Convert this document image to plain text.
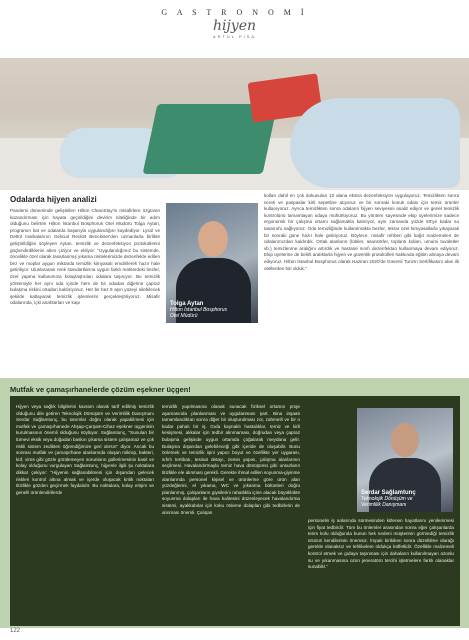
G A S T R O N O M İ
hijyen
ARTUL PİSA
Odalarda hijyen analizi

Pandemi döneminde geliştirilen Hilton CleanStay'in misafirlere özgüven kazandırması için hayata geçirildiğini devirim niteliğinde bir adım olduğunu belirten Hilton İstanbul Bosphorus Otel Müdürü Tolga Aytan, programın kat ve odalarda başarıyla uygulandığını kaydediyor. Lysol ve Dettol markalarının Gelicial Reckitt Benckiser'den uzmanlarla birlikte geliştirildiğini söyleyen Aytan, temizlik ve dezenfeksiyon protokollerini güçlendirdiklerini altını çiziyor ve ekliyor: "Uygulandığımız bu sistemde, öncelikle özel olarak tasarlanmış yıkama ünitelerimizde dezenfekte edilen bez ve moplar aygun miktarda temizlik kimyasalı emdirilerek hazır hale getiriliyor. Uluslararası renk standartlarına uygun farklı renklerdeki bezler, özel yapma kullanımıza kolaylaştırılan odalara taşınıyor. Bu temizlik yöntemiyle her aynı oda içinde hem de bir odadan diğerine çapraz bulaşma riskini ortadan kaldırıyoruz. Her bir bez 8 aşın yüzeyi silebilecek şekilde katlayarak temizlik işlemlerini gerçekleştiriyoruz. Misafir odalarında, içki anahtarları ve kapı	Tolga Aytan
Hilton İstanbul Bosphorus
Otel Müdürü

kolları dahil en çok dokunulan 10 alana ekstra dezenfeksiyon uygulayoruz. Temizlikten sonra ücreti ve paspaslar kirli sepetline atıyoruz ve bir sonraki konuk odası için temiz ürünler kullanıyoruz. Ayrıca temizlikten sonra odaların hijyen seviyesini analiz ediyor ve genel temizlik kontrolünü tamamlayan odaya mühürlüyoruz. Bu yöntem sayesinde ekip üyelerimize sadece ergonomik bir çalışma ortamı sağlamakla kalmıyor, aynı zamanda yüzde 50'ye kadar su tasarrufu sağlıyoruz. Oda temizliğinde kullanılmakta bezler, tekrar özel kimyasallarla yıkayarak bir sonraki güne hazır hale getiriyoruz. Böylece, misafir rehberi gibi kağıt malzemeleri de odalarımızdan kaldırdık. Ortak alanların (lobiler, asansörler, toplantı kolları, umumi tuvaletler vb.) temizlenme aralığını artırdık ve hastane sınıfı dezenfektan kullanmaya devam ediyoruz. Ekip üyelerine de belirli aralıklarla hijyen ve güvenlik protokolleri hakkında eğitim almaya devam ediyoruz. Hilton İstanbul Bosphorus olarak Haziran 2020'de Güvenli Turizm Sertifikasını alan ilk otellerden biri olduk."

Mutfak ve çamaşırhanelerde çözüm eşekner üçgen!

Hijyen veya sağlık bilgilerini kavram olarak tarif edilmiş temizlik olduğunu dile getiren Teknolojik Dönüşüm ve Verimlilik Danışmanı Serdar Sağlamtunç, bu tanımlar doğru olarak yapabilmesi için mutfak ve çamaşırhanede Ahşap-Çarşam-Cihaz eşekner üçgeninin kurulmasının önemli olduğunu söylüyor. Sağlamtunç, "Sunulan bir tümevi eksik veya doğadan baskın çıkarsa sistem çalışamaz ve çok riskli sistem zedikten öğrendiğimize geri alırsın" diyor. Ancak bu sonrası mutfak ve çamaşırhane alanlarında oluşan mikrop, bakteri, küf, virüs gibi gözle görülemeyen sorunların güllerimesinin basit ve kolay olduğunu vurgulayan Sağlamtunç, hijyenle ilgili şu noktalara dikkat çekiyor: "Hijyenin sağlanabilmesi için dışarıdan gelecek riskleri kontrol altına almak ve içerde oluşacak kritik noktaları titizlikle gözden geçirmek faydalıdır. Bu noktalara, kolay erişim ve genelli ürünlendirilerde

temizlik yapılmasına olanak sunacak fiziksel ortamın proje aşamasında planlanması ve uygulanması şart. Bina inşaatı tamamlandıktan sonra diğer bir oluşturulması zor, zahmetli ve bir o kadar pahalı bir iş. Gıda kaynaklı hastalıklar, temiz ve kirli kesişmesi, akkalar için tedbir alınmaması, doğrudan veya çapraz bulaşma gelişinde uygun ortamda çoğalarak meydana gelir. Bulaşma dışarıdan gelebileceği gibi içeride de oluşabilir. Bunu önlemek ve temizlik işini yapıcı boyut ve özellikte yer uygarası, sıfırlı tertibatı, tesisat detayı, zemin yapısı, çalışma alanlarının seçilmesi. Havalandırmayla temiz hava dönüşümü gibi unsurların titizlikle ele alınması gerekli. Gerekte ihmal edilen soyunma-giyinme alanlarında personel kişisel ve ürünlerine göre ürün alan yüzdeğlerini, el yıkama, WC ve yıkanma bölümleri doğru planlanmış, çalışanların giysilerini rahatlıkla içine alacak büyüklükte soyunma dolapları ile hava kalitesini düzenleyecek havalandırma sistemi, ayakkabılar için koku önleme dolapları gibi tedbirlerin de alınması önemli. Çalışan

personelin iş anlarında sürmesinden kitlenen hayatlarını yenilemmesi için fiyat tedbirdir. Tüm bu önlemler arasından sonra eğer çalışanlarda terim kolu olduğunda bunun hek nedeni müşterinin görmediği temizlik ürünün kendilerinin önemsiz. İmpalı birikiken sonra düzeltilme olarağı gerekle olanaksız ve tehlikelere oldukça külfetlidir. Özellikle malzemeli kontrol etmek ve gıdaya taşınması için dahaların kullanılmayan ozonlu su ve yıkanmasına ozon jeneratörü tercihi işletmelere farklı olanaklar sunabilir."

Serdar Sağlamtunç
Teknolojik Dönüşüm ve
Verimlilik Danışmanı
122
